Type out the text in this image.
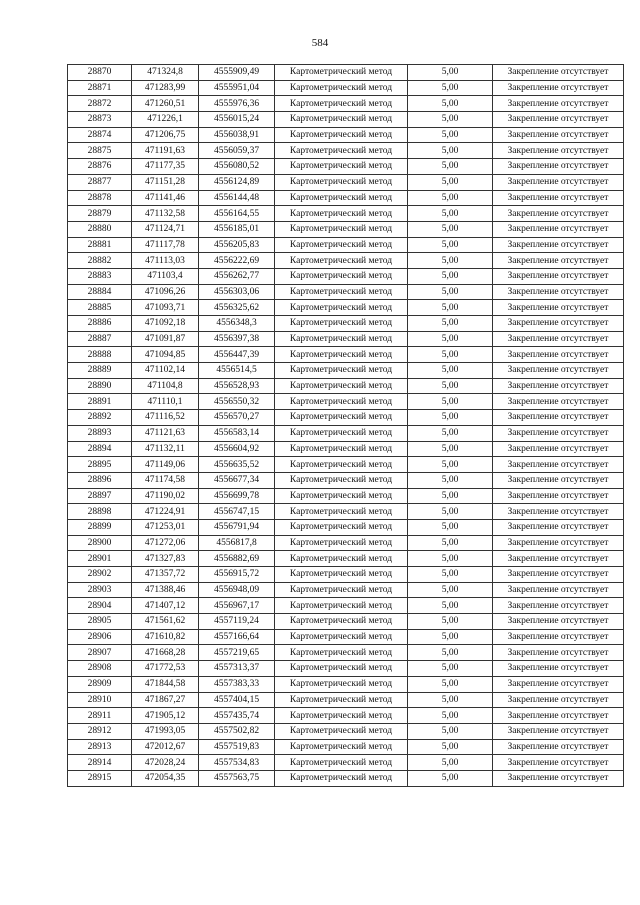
584
28870	471324,8	4555909,49	Картометрический метод	5,00	Закрепление отсутствует
28871	471283,99	4555951,04	Картометрический метод	5,00	Закрепление отсутствует
28872	471260,51	4555976,36	Картометрический метод	5,00	Закрепление отсутствует
28873	471226,1	4556015,24	Картометрический метод	5,00	Закрепление отсутствует
28874	471206,75	4556038,91	Картометрический метод	5,00	Закрепление отсутствует
28875	471191,63	4556059,37	Картометрический метод	5,00	Закрепление отсутствует
28876	471177,35	4556080,52	Картометрический метод	5,00	Закрепление отсутствует
28877	471151,28	4556124,89	Картометрический метод	5,00	Закрепление отсутствует
28878	471141,46	4556144,48	Картометрический метод	5,00	Закрепление отсутствует
28879	471132,58	4556164,55	Картометрический метод	5,00	Закрепление отсутствует
28880	471124,71	4556185,01	Картометрический метод	5,00	Закрепление отсутствует
28881	471117,78	4556205,83	Картометрический метод	5,00	Закрепление отсутствует
28882	471113,03	4556222,69	Картометрический метод	5,00	Закрепление отсутствует
28883	471103,4	4556262,77	Картометрический метод	5,00	Закрепление отсутствует
28884	471096,26	4556303,06	Картометрический метод	5,00	Закрепление отсутствует
28885	471093,71	4556325,62	Картометрический метод	5,00	Закрепление отсутствует
28886	471092,18	4556348,3	Картометрический метод	5,00	Закрепление отсутствует
28887	471091,87	4556397,38	Картометрический метод	5,00	Закрепление отсутствует
28888	471094,85	4556447,39	Картометрический метод	5,00	Закрепление отсутствует
28889	471102,14	4556514,5	Картометрический метод	5,00	Закрепление отсутствует
28890	471104,8	4556528,93	Картометрический метод	5,00	Закрепление отсутствует
28891	471110,1	4556550,32	Картометрический метод	5,00	Закрепление отсутствует
28892	471116,52	4556570,27	Картометрический метод	5,00	Закрепление отсутствует
28893	471121,63	4556583,14	Картометрический метод	5,00	Закрепление отсутствует
28894	471132,11	4556604,92	Картометрический метод	5,00	Закрепление отсутствует
28895	471149,06	4556635,52	Картометрический метод	5,00	Закрепление отсутствует
28896	471174,58	4556677,34	Картометрический метод	5,00	Закрепление отсутствует
28897	471190,02	4556699,78	Картометрический метод	5,00	Закрепление отсутствует
28898	471224,91	4556747,15	Картометрический метод	5,00	Закрепление отсутствует
28899	471253,01	4556791,94	Картометрический метод	5,00	Закрепление отсутствует
28900	471272,06	4556817,8	Картометрический метод	5,00	Закрепление отсутствует
28901	471327,83	4556882,69	Картометрический метод	5,00	Закрепление отсутствует
28902	471357,72	4556915,72	Картометрический метод	5,00	Закрепление отсутствует
28903	471388,46	4556948,09	Картометрический метод	5,00	Закрепление отсутствует
28904	471407,12	4556967,17	Картометрический метод	5,00	Закрепление отсутствует
28905	471561,62	4557119,24	Картометрический метод	5,00	Закрепление отсутствует
28906	471610,82	4557166,64	Картометрический метод	5,00	Закрепление отсутствует
28907	471668,28	4557219,65	Картометрический метод	5,00	Закрепление отсутствует
28908	471772,53	4557313,37	Картометрический метод	5,00	Закрепление отсутствует
28909	471844,58	4557383,33	Картометрический метод	5,00	Закрепление отсутствует
28910	471867,27	4557404,15	Картометрический метод	5,00	Закрепление отсутствует
28911	471905,12	4557435,74	Картометрический метод	5,00	Закрепление отсутствует
28912	471993,05	4557502,82	Картометрический метод	5,00	Закрепление отсутствует
28913	472012,67	4557519,83	Картометрический метод	5,00	Закрепление отсутствует
28914	472028,24	4557534,83	Картометрический метод	5,00	Закрепление отсутствует
28915	472054,35	4557563,75	Картометрический метод	5,00	Закрепление отсутствует
